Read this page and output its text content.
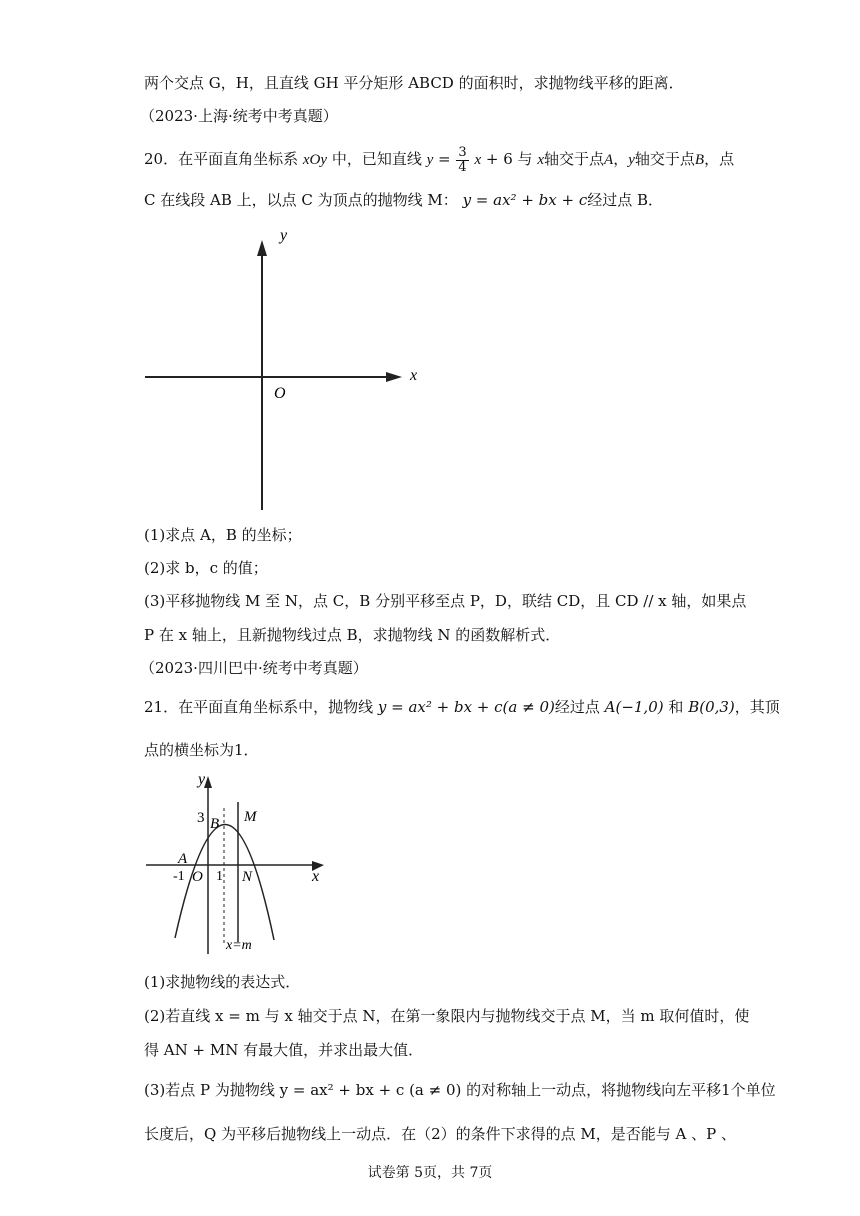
两个交点 G，H，且直线 GH 平分矩形 ABCD 的面积时，求抛物线平移的距离．
（2023·上海·统考中考真题）
20．在平面直角坐标系 xOy 中，已知直线 $y = \frac{3}{4}$ x + 6 与 x轴交于点A，y轴交于点B，点
C 在线段 AB 上，以点 C 为顶点的抛物线 M： y = ax² + bx + c经过点 B．
y
x
O
(1)求点 A，B 的坐标；
(2)求 b，c 的值；
(3)平移抛物线 M 至 N，点 C，B 分别平移至点 P，D，联结 CD，且 CD // x 轴，如果点
P 在 x 轴上，且新抛物线过点 B，求抛物线 N 的函数解析式．
（2023·四川巴中·统考中考真题）
21．在平面直角坐标系中，抛物线 y = ax² + bx + c(a ≠ 0)经过点 A(−1,0) 和 B(0,3)，其顶
点的横坐标为1．
y
x
3 B M
A
-1 O 1 N
x=m
(1)求抛物线的表达式．
(2)若直线 x = m 与 x 轴交于点 N，在第一象限内与抛物线交于点 M，当 m 取何值时，使
得 AN + MN 有最大值，并求出最大值．
(3)若点 P 为抛物线 y = ax² + bx + c (a ≠ 0) 的对称轴上一动点，将抛物线向左平移1个单位
长度后，Q 为平移后抛物线上一动点．在（2）的条件下求得的点 M，是否能与 A 、P 、
试卷第 5页，共 7页
